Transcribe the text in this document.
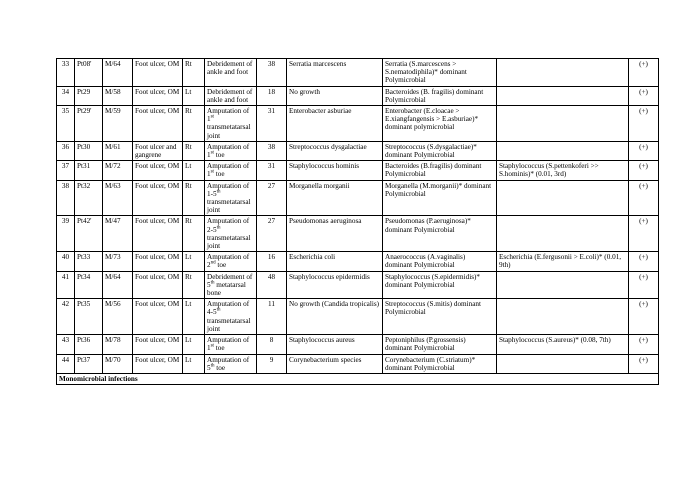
33	Pt08'	M/64	Foot ulcer, OM	Rt	Debridement of ankle and foot	38	Serratia marcescens	Serratia (S.marcescens > S.nematodiphila)* dominant Polymicrobial		(+)
34	Pt29	M/58	Foot ulcer, OM	Lt	Debridement of ankle and foot	18	No growth	Bacteroides (B. fragilis) dominant Polymicrobial		(+)
35	Pt29'	M/59	Foot ulcer, OM	Rt	Amputation of 1st transmetatarsal joint	31	Enterobacter asburiae	Enterobacter (E.cloacae > E.xiangfangensis > E.asburiae)* dominant polymicrobial		(+)
36	Pt30	M/61	Foot ulcer and gangrene	Rt	Amputation of 1st toe	38	Streptococcus dysgalactiae	Streptococcus (S.dysgalactiae)* dominant Polymicrobial		(+)
37	Pt31	M/72	Foot ulcer, OM	Lt	Amputation of 1st toe	31	Staphylococcus hominis	Bacteroides (B.fragilis) dominant Polymicrobial	Staphylococcus (S.pettenkoferi >> S.hominis)* (0.01, 3rd)	(+)
38	Pt32	M/63	Foot ulcer, OM	Rt	Amputation of 1-5th transmetatarsal joint	27	Morganella morganii	Morganella (M.morganii)* dominant Polymicrobial		(+)
39	Pt42'	M/47	Foot ulcer, OM	Rt	Amputation of 2-5th transmetatarsal joint	27	Pseudomonas aeruginosa	Pseudomonas (P.aeruginosa)* dominant Polymicrobial		(+)
40	Pt33	M/73	Foot ulcer, OM	Lt	Amputation of 2nd toe	16	Escherichia coli	Anaerococcus (A.vaginalis) dominant Polymicrobial	Escherichia (E.fergusonii > E.coli)* (0.01, 9th)	(+)
41	Pt34	M/64	Foot ulcer, OM	Rt	Debridement of 5th metatarsal bone	48	Staphylococcus epidermidis	Staphylococcus (S.epidermidis)* dominant Polymicrobial		(+)
42	Pt35	M/56	Foot ulcer, OM	Lt	Amputation of 4-5th transmetatarsal joint	11	No growth (Candida tropicalis)	Streptococcus (S.mitis) dominant Polymicrobial		(+)
43	Pt36	M/78	Foot ulcer, OM	Lt	Amputation of 1st toe	8	Staphylococcus aureus	Peptoniphilus (P.grossensis) dominant Polymicrobial	Staphylococcus (S.aureus)* (0.08, 7th)	(+)
44	Pt37	M/70	Foot ulcer, OM	Lt	Amputation of 5th toe	9	Corynebacterium species	Corynebacterium (C.striatum)* dominant Polymicrobial		(+)
Monomicrobial infections										
